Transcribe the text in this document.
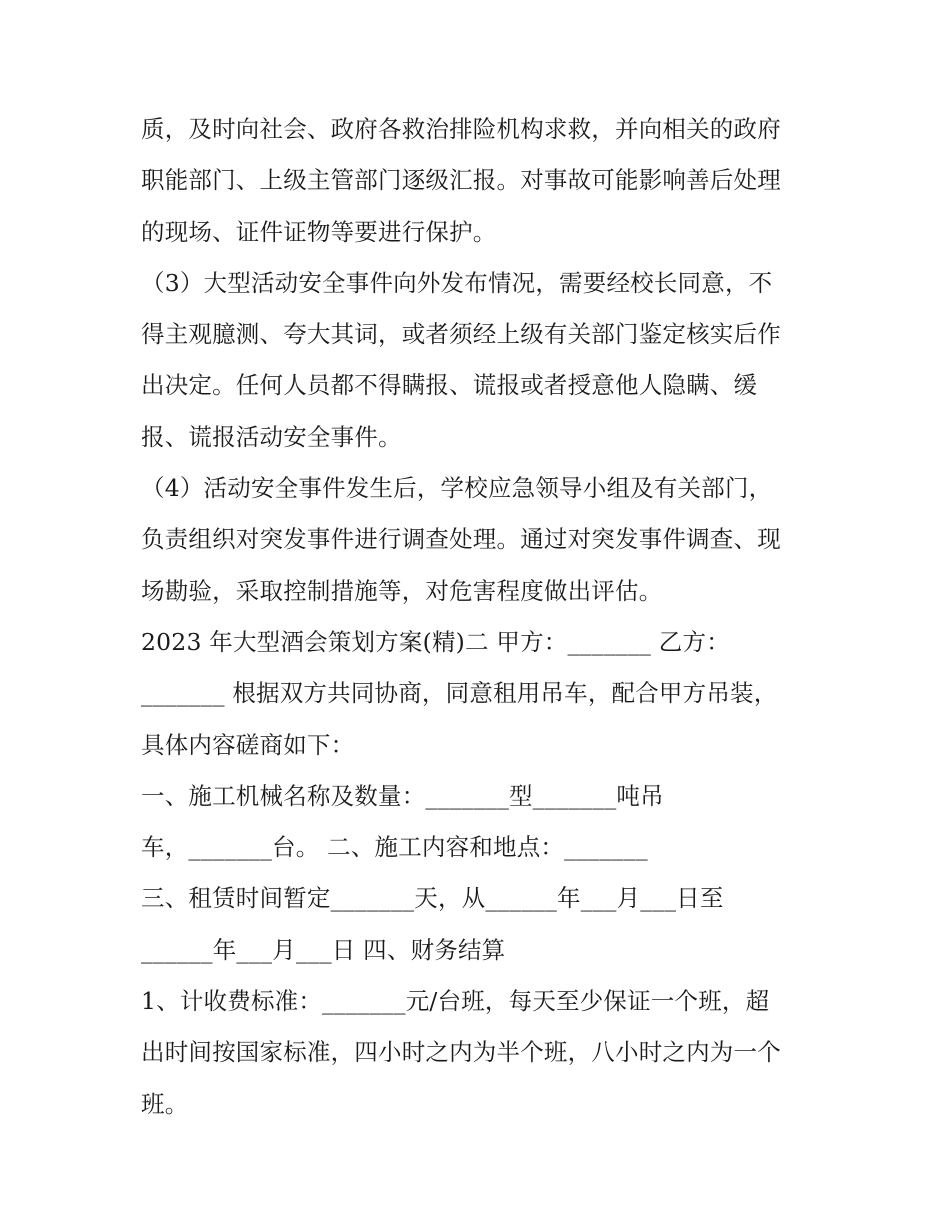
质，及时向社会、政府各救治排险机构求救，并向相关的政府
职能部门、上级主管部门逐级汇报。对事故可能影响善后处理
的现场、证件证物等要进行保护。
（3）大型活动安全事件向外发布情况，需要经校长同意，不
得主观臆测、夸大其词，或者须经上级有关部门鉴定核实后作
出决定。任何人员都不得瞒报、谎报或者授意他人隐瞒、缓
报、谎报活动安全事件。
（4）活动安全事件发生后，学校应急领导小组及有关部门，
负责组织对突发事件进行调查处理。通过对突发事件调查、现
场勘验，采取控制措施等，对危害程度做出评估。
2023 年大型酒会策划方案(精)二 甲方：_______ 乙方：
_______ 根据双方共同协商，同意租用吊车，配合甲方吊装，
具体内容磋商如下：
一、施工机械名称及数量：_______型_______吨吊
车，_______台。 二、施工内容和地点：_______
三、租赁时间暂定_______天，从______年___月___日至
______年___月___日 四、财务结算
1、计收费标准：_______元/台班，每天至少保证一个班，超
出时间按国家标准，四小时之内为半个班，八小时之内为一个
班。
